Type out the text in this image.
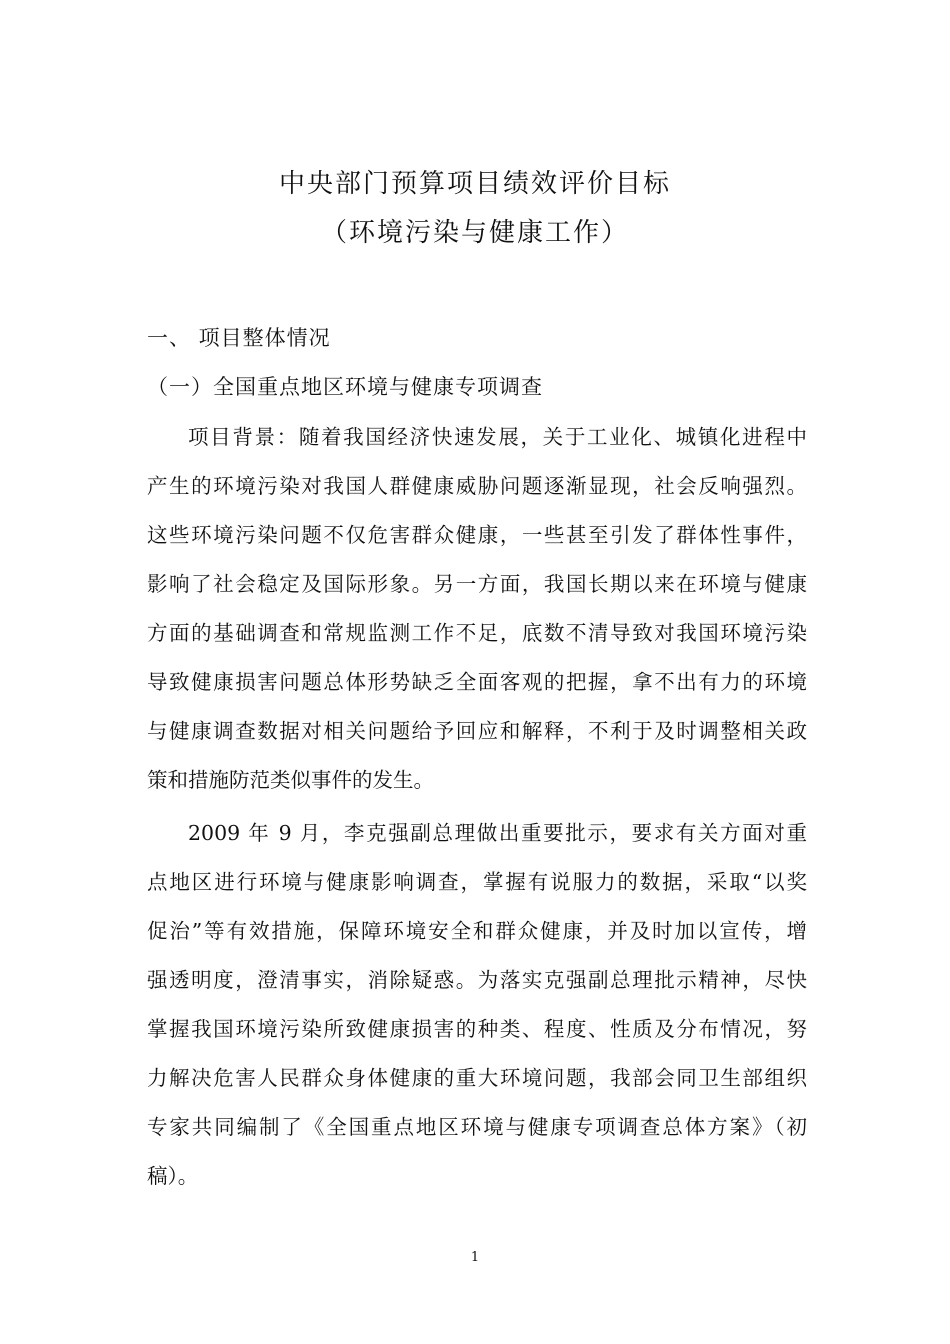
中央部门预算项目绩效评价目标
（环境污染与健康工作）
一、 项目整体情况
（一）全国重点地区环境与健康专项调查
项目背景：随着我国经济快速发展，关于工业化、城镇化进程中
产生的环境污染对我国人群健康威胁问题逐渐显现，社会反响强烈。
这些环境污染问题不仅危害群众健康，一些甚至引发了群体性事件，
影响了社会稳定及国际形象。另一方面，我国长期以来在环境与健康
方面的基础调查和常规监测工作不足，底数不清导致对我国环境污染
导致健康损害问题总体形势缺乏全面客观的把握，拿不出有力的环境
与健康调查数据对相关问题给予回应和解释，不利于及时调整相关政
策和措施防范类似事件的发生。
2009 年 9 月，李克强副总理做出重要批示，要求有关方面对重
点地区进行环境与健康影响调查，掌握有说服力的数据，采取“以奖
促治”等有效措施，保障环境安全和群众健康，并及时加以宣传，增
强透明度，澄清事实，消除疑惑。为落实克强副总理批示精神，尽快
掌握我国环境污染所致健康损害的种类、程度、性质及分布情况，努
力解决危害人民群众身体健康的重大环境问题，我部会同卫生部组织
专家共同编制了《全国重点地区环境与健康专项调查总体方案》（初
稿）。
1
